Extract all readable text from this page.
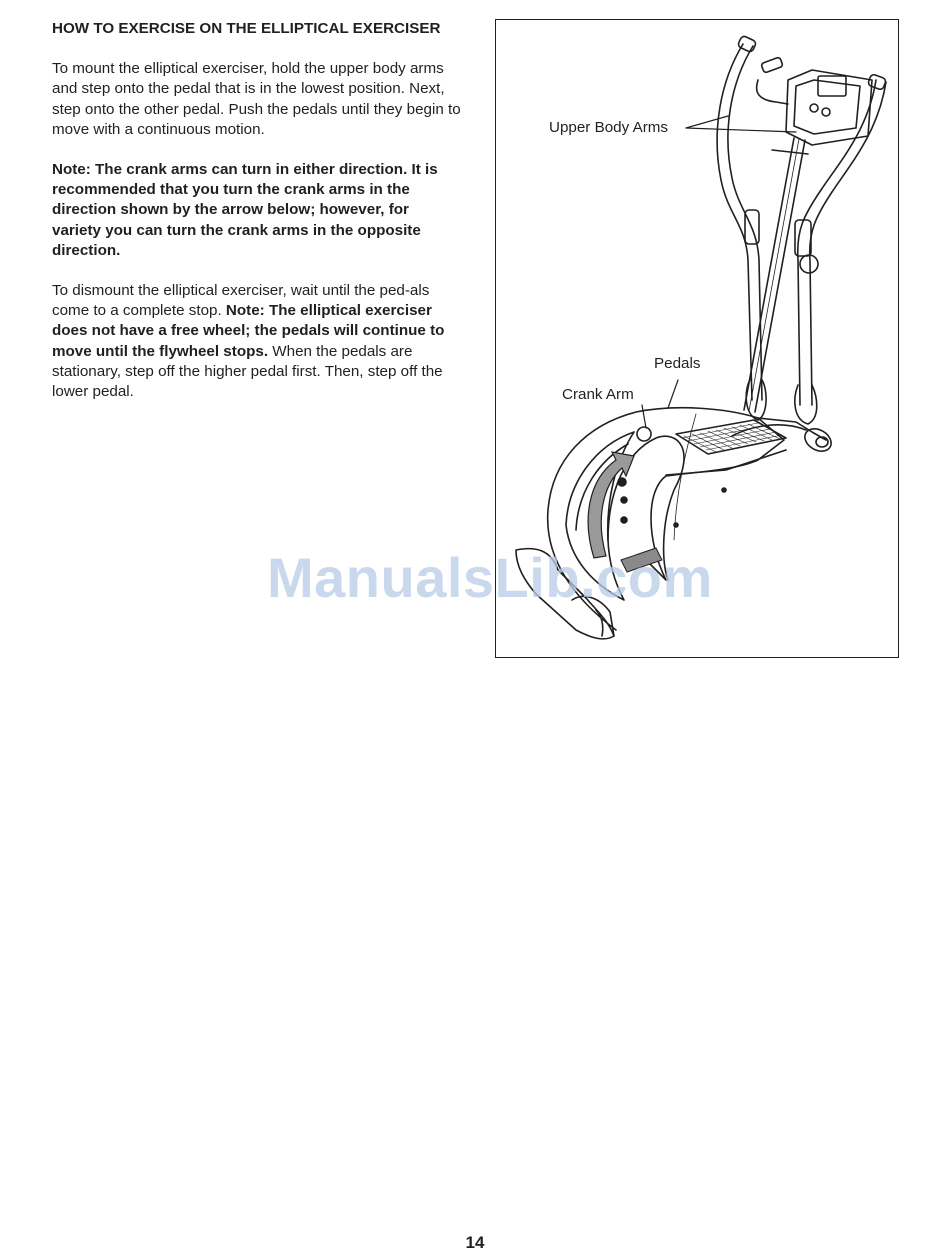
HOW TO EXERCISE ON THE ELLIPTICAL EXERCISER

To mount the elliptical exerciser, hold the upper body arms and step onto the pedal that is in the lowest position. Next, step onto the other pedal. Push the pedals until they begin to move with a continuous motion.

Note: The crank arms can turn in either direction. It is recommended that you turn the crank arms in the direction shown by the arrow below; however, for variety you can turn the crank arms in the opposite direction.

To dismount the elliptical exerciser, wait until the ped-als come to a complete stop. Note: The elliptical exerciser does not have a free wheel; the pedals will continue to move until the flywheel stops. When the pedals are stationary, step off the higher pedal first. Then, step off the lower pedal.

Upper Body Arms
Pedals
Crank Arm
ManualsLib.com
14
